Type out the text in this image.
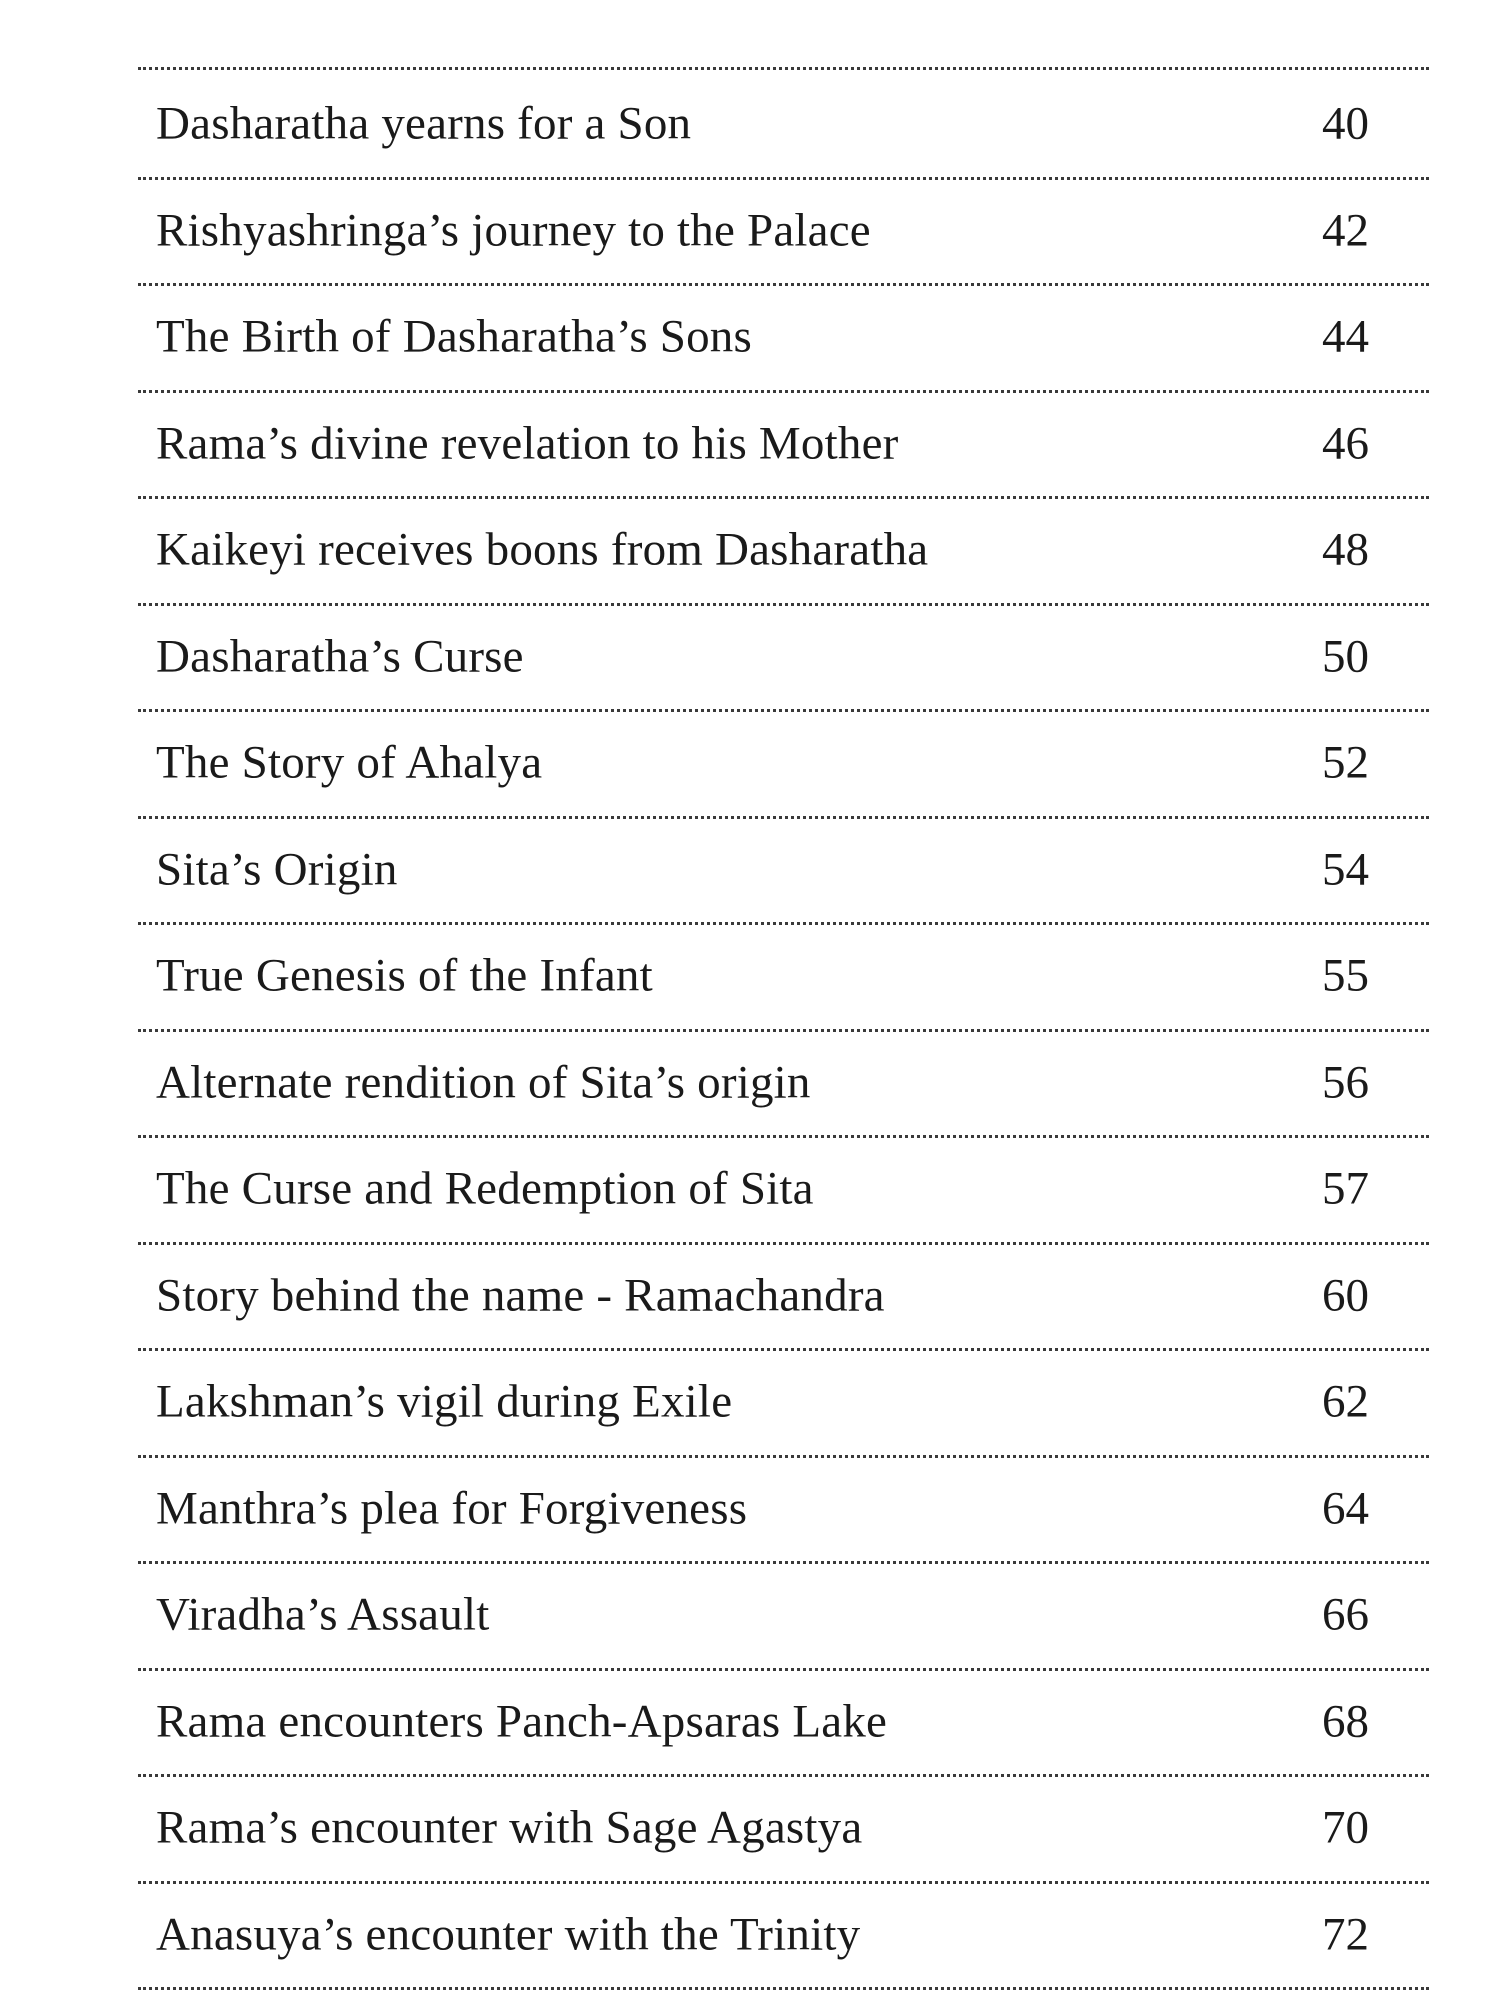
Dasharatha yearns for a Son	40
Rishyashringa’s journey to the Palace	42
The Birth of Dasharatha’s Sons	44
Rama’s divine revelation to his Mother	46
Kaikeyi receives boons from Dasharatha	48
Dasharatha’s Curse	50
The Story of Ahalya	52
Sita’s Origin	54
True Genesis of the Infant	55
Alternate rendition of Sita’s origin	56
The Curse and Redemption of Sita	57
Story behind the name - Ramachandra	60
Lakshman’s vigil during Exile	62
Manthra’s plea for Forgiveness	64
Viradha’s Assault	66
Rama encounters Panch-Apsaras Lake	68
Rama’s encounter with Sage Agastya	70
Anasuya’s encounter with the Trinity	72
